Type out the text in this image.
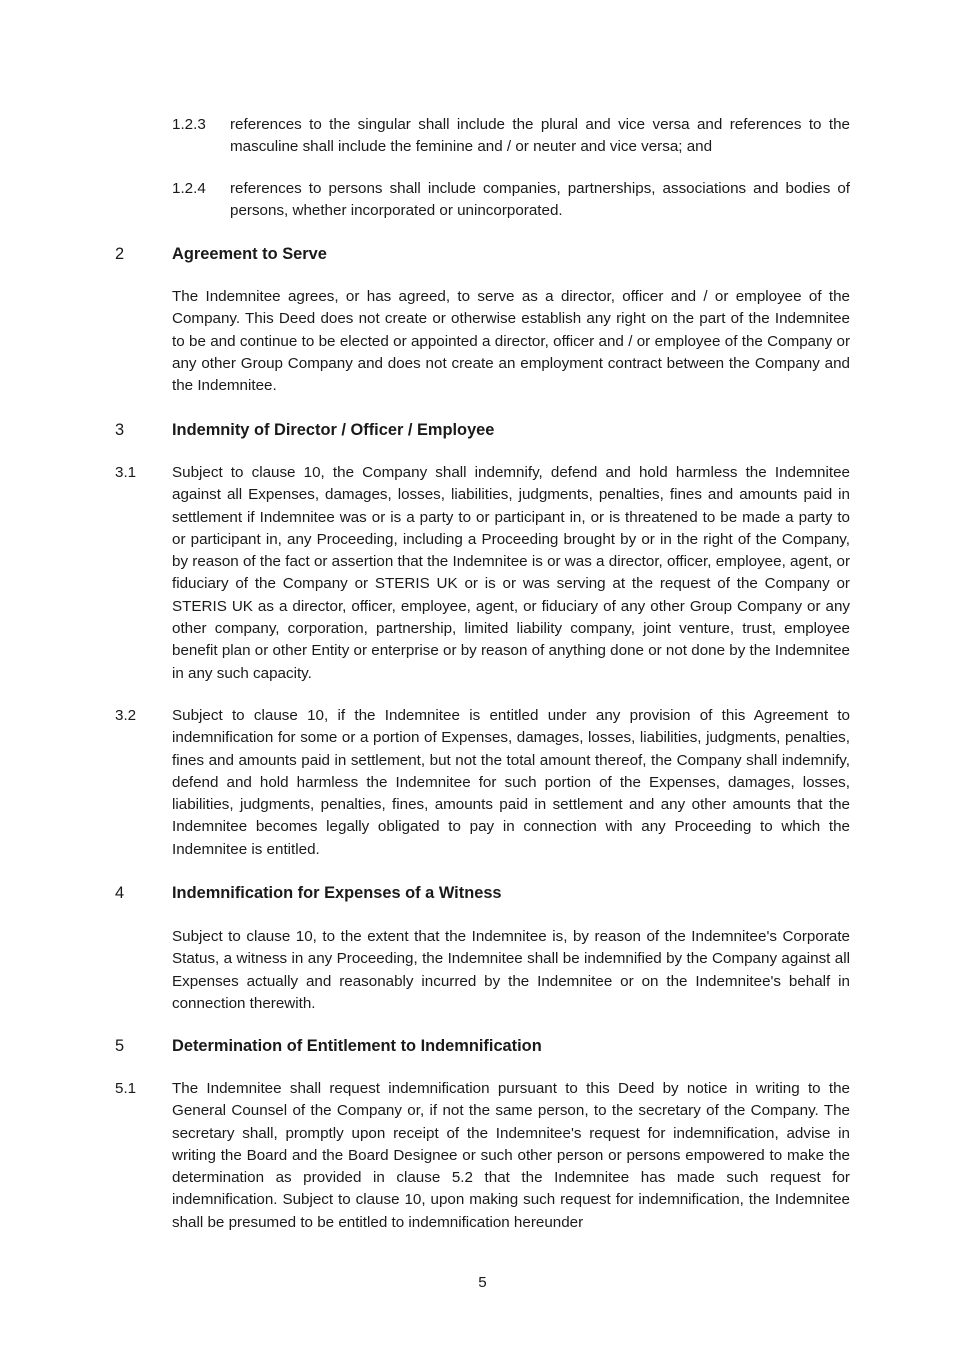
1.2.3 references to the singular shall include the plural and vice versa and references to the masculine shall include the feminine and / or neuter and vice versa; and

1.2.4 references to persons shall include companies, partnerships, associations and bodies of persons, whether incorporated or unincorporated.

2	Agreement to Serve

The Indemnitee agrees, or has agreed, to serve as a director, officer and / or employee of the Company. This Deed does not create or otherwise establish any right on the part of the Indemnitee to be and continue to be elected or appointed a director, officer and / or employee of the Company or any other Group Company and does not create an employment contract between the Company and the Indemnitee.

3	Indemnity of Director / Officer / Employee
3.1 Subject to clause 10, the Company shall indemnify, defend and hold harmless the Indemnitee against all Expenses, damages, losses, liabilities, judgments, penalties, fines and amounts paid in settlement if Indemnitee was or is a party to or participant in, or is threatened to be made a party to or participant in, any Proceeding, including a Proceeding brought by or in the right of the Company, by reason of the fact or assertion that the Indemnitee is or was a director, officer, employee, agent, or fiduciary of the Company or STERIS UK or is or was serving at the request of the Company or STERIS UK as a director, officer, employee, agent, or fiduciary of any other Group Company or any other company, corporation, partnership, limited liability company, joint venture, trust, employee benefit plan or other Entity or enterprise or by reason of anything done or not done by the Indemnitee in any such capacity.

3.2 Subject to clause 10, if the Indemnitee is entitled under any provision of this Agreement to indemnification for some or a portion of Expenses, damages, losses, liabilities, judgments, penalties, fines and amounts paid in settlement, but not the total amount thereof, the Company shall indemnify, defend and hold harmless the Indemnitee for such portion of the Expenses, damages, losses, liabilities, judgments, penalties, fines, amounts paid in settlement and any other amounts that the Indemnitee becomes legally obligated to pay in connection with any Proceeding to which the Indemnitee is entitled.

4	Indemnification for Expenses of a Witness

Subject to clause 10, to the extent that the Indemnitee is, by reason of the Indemnitee's Corporate Status, a witness in any Proceeding, the Indemnitee shall be indemnified by the Company against all Expenses actually and reasonably incurred by the Indemnitee or on the Indemnitee's behalf in connection therewith.

5	Determination of Entitlement to Indemnification
5.1 The Indemnitee shall request indemnification pursuant to this Deed by notice in writing to the General Counsel of the Company or, if not the same person, to the secretary of the Company. The secretary shall, promptly upon receipt of the Indemnitee's request for indemnification, advise in writing the Board and the Board Designee or such other person or persons empowered to make the determination as provided in clause 5.2 that the Indemnitee has made such request for indemnification. Subject to clause 10, upon making such request for indemnification, the Indemnitee shall be presumed to be entitled to indemnification hereunder

5
